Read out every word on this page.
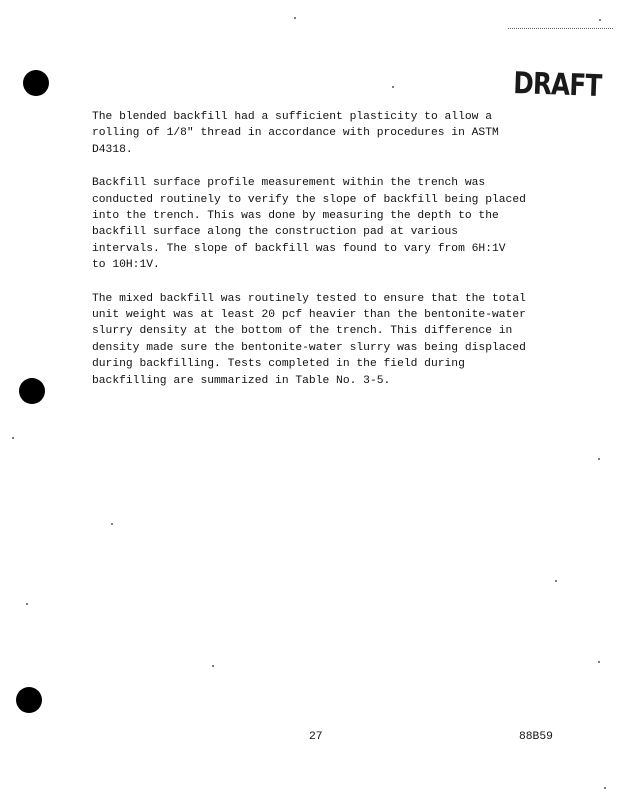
DRAFT

The blended backfill had a sufficient plasticity to allow a
rolling of 1/8" thread in accordance with procedures in ASTM
D4318.

Backfill surface profile measurement within the trench was
conducted routinely to verify the slope of backfill being placed
into the trench. This was done by measuring the depth to the
backfill surface along the construction pad at various
intervals. The slope of backfill was found to vary from 6H:1V
to 10H:1V.

The mixed backfill was routinely tested to ensure that the total
unit weight was at least 20 pcf heavier than the bentonite-water
slurry density at the bottom of the trench. This difference in
density made sure the bentonite-water slurry was being displaced
during backfilling. Tests completed in the field during
backfilling are summarized in Table No. 3-5.

27	88B59
